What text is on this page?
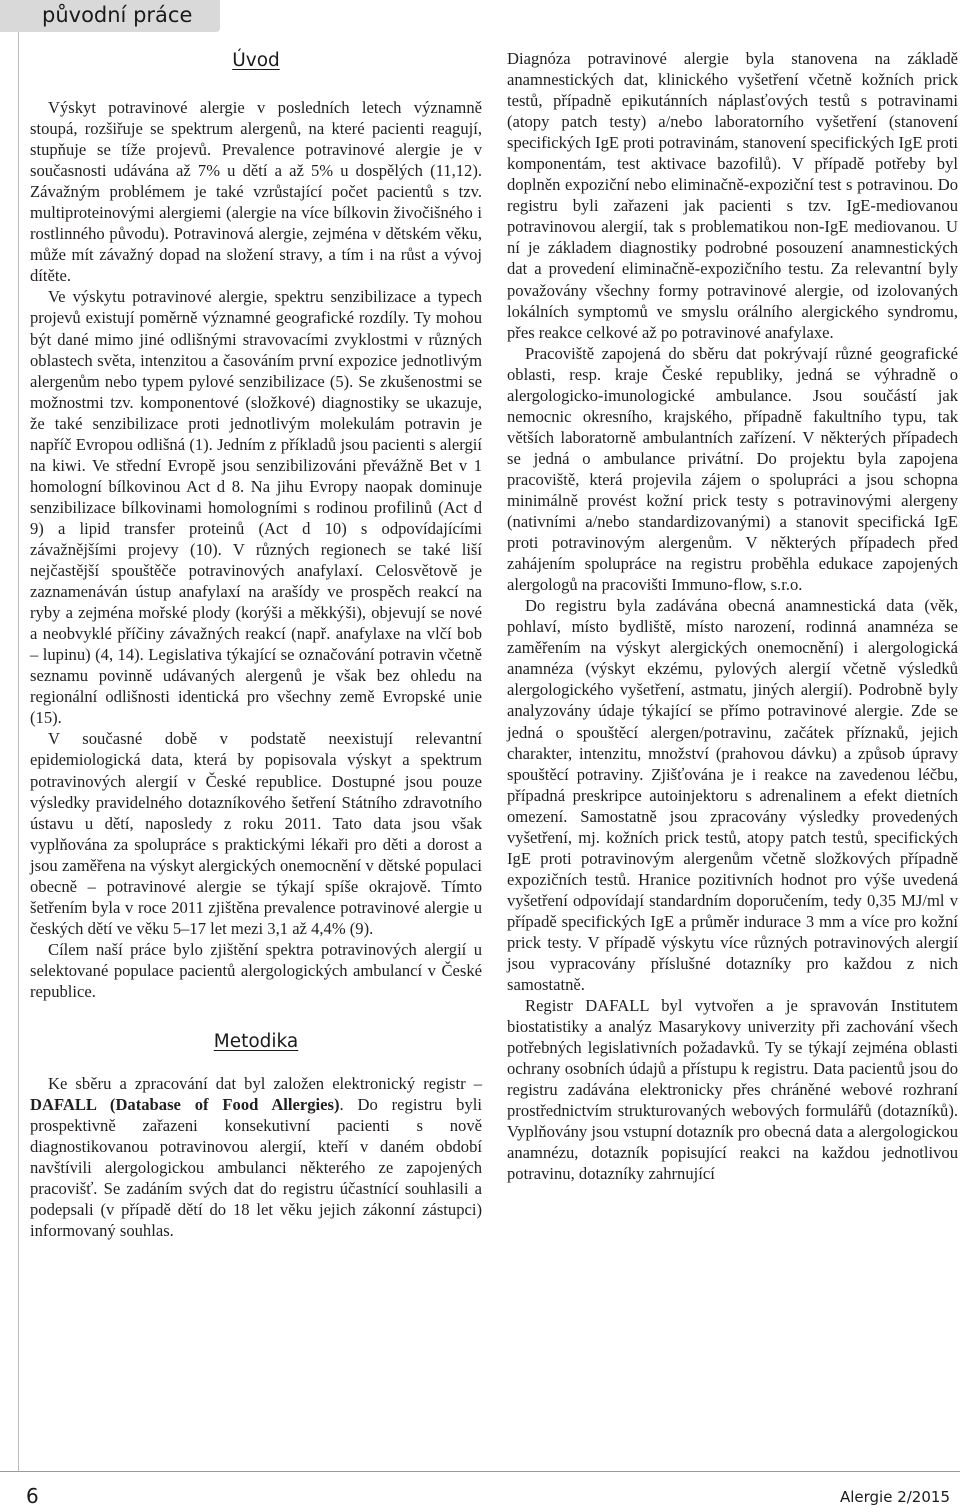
původní práce
Úvod

Výskyt potravinové alergie v posledních letech významně stoupá, rozšiřuje se spektrum alergenů, na které pacienti reagují, stupňuje se tíže projevů. Prevalence potravinové alergie je v současnosti udávána až 7% u dětí a až 5% u dospělých (11,12). Závažným problémem je také vzrůstající počet pacientů s tzv. multiproteinovými alergiemi (alergie na více bílkovin živočišného i rostlinného původu). Potravinová alergie, zejména v dětském věku, může mít závažný dopad na složení stravy, a tím i na růst a vývoj dítěte.

Ve výskytu potravinové alergie, spektru senzibilizace a typech projevů existují poměrně významné geografické rozdíly. Ty mohou být dané mimo jiné odlišnými stravovacími zvyklostmi v různých oblastech světa, intenzitou a časováním první expozice jednotlivým alergenům nebo typem pylové senzibilizace (5). Se zkušenostmi se možnostmi tzv. komponentové (složkové) diagnostiky se ukazuje, že také senzibilizace proti jednotlivým molekulám potravin je napříč Evropou odlišná (1). Jedním z příkladů jsou pacienti s alergií na kiwi. Ve střední Evropě jsou senzibilizováni převážně Bet v 1 homologní bílkovinou Act d 8. Na jihu Evropy naopak dominuje senzibilizace bílkovinami homologními s rodinou profilinů (Act d 9) a lipid transfer proteinů (Act d 10) s odpovídajícími závažnějšími projevy (10). V různých regionech se také liší nejčastější spouštěče potravinových anafylaxí. Celosvětově je zaznamenáván ústup anafylaxí na arašídy ve prospěch reakcí na ryby a zejména mořské plody (korýši a měkkýši), objevují se nové a neobvyklé příčiny závažných reakcí (např. anafylaxe na vlčí bob – lupinu) (4, 14). Legislativa týkající se označování potravin včetně seznamu povinně udávaných alergenů je však bez ohledu na regionální odlišnosti identická pro všechny země Evropské unie (15).

V současné době v podstatě neexistují relevantní epidemiologická data, která by popisovala výskyt a spektrum potravinových alergií v České republice. Dostupné jsou pouze výsledky pravidelného dotazníkového šetření Státního zdravotního ústavu u dětí, naposledy z roku 2011. Tato data jsou však vyplňována za spolupráce s praktickými lékaři pro děti a dorost a jsou zaměřena na výskyt alergických onemocnění v dětské populaci obecně – potravinové alergie se týkají spíše okrajově. Tímto šetřením byla v roce 2011 zjištěna prevalence potravinové alergie u českých dětí ve věku 5–17 let mezi 3,1 až 4,4% (9).

Cílem naší práce bylo zjištění spektra potravinových alergií u selektované populace pacientů alergologických ambulancí v České republice.

Metodika

Ke sběru a zpracování dat byl založen elektronický registr – DAFALL (Database of Food Allergies). Do registru byli prospektivně zařazeni konsekutivní pacienti s nově diagnostikovanou potravinovou alergií, kteří v daném období navštívili alergologickou ambulanci některého ze zapojených pracovišť. Se zadáním svých dat do registru účastnící souhlasili a podepsali (v případě dětí do 18 let věku jejich zákonní zástupci) informovaný souhlas.

Diagnóza potravinové alergie byla stanovena na základě anamnestických dat, klinického vyšetření včetně kožních prick testů, případně epikutánních náplasťových testů s potravinami (atopy patch testy) a/nebo laboratorního vyšetření (stanovení specifických IgE proti potravinám, stanovení specifických IgE proti komponentám, test aktivace bazofilů). V případě potřeby byl doplněn expoziční nebo eliminačně-expoziční test s potravinou. Do registru byli zařazeni jak pacienti s tzv. IgE-mediovanou potravinovou alergií, tak s problematikou non-IgE mediovanou. U ní je základem diagnostiky podrobné posouzení anamnestických dat a provedení eliminačně-expozičního testu. Za relevantní byly považovány všechny formy potravinové alergie, od izolovaných lokálních symptomů ve smyslu orálního alergického syndromu, přes reakce celkové až po potravinové anafylaxe.

Pracoviště zapojená do sběru dat pokrývají různé geografické oblasti, resp. kraje České republiky, jedná se výhradně o alergologicko-imunologické ambulance. Jsou součástí jak nemocnic okresního, krajského, případně fakultního typu, tak větších laboratorně ambulantních zařízení. V některých případech se jedná o ambulance privátní. Do projektu byla zapojena pracoviště, která projevila zájem o spolupráci a jsou schopna minimálně provést kožní prick testy s potravinovými alergeny (nativními a/nebo standardizovanými) a stanovit specifická IgE proti potravinovým alergenům. V některých případech před zahájením spolupráce na registru proběhla edukace zapojených alergologů na pracovišti Immuno-flow, s.r.o.

Do registru byla zadávána obecná anamnestická data (věk, pohlaví, místo bydliště, místo narození, rodinná anamnéza se zaměřením na výskyt alergických onemocnění) i alergologická anamnéza (výskyt ekzému, pylových alergií včetně výsledků alergologického vyšetření, astmatu, jiných alergií). Podrobně byly analyzovány údaje týkající se přímo potravinové alergie. Zde se jedná o spouštěcí alergen/potravinu, začátek příznaků, jejich charakter, intenzitu, množství (prahovou dávku) a způsob úpravy spouštěcí potraviny. Zjišťována je i reakce na zavedenou léčbu, případná preskripce autoinjektoru s adrenalinem a efekt dietních omezení. Samostatně jsou zpracovány výsledky provedených vyšetření, mj. kožních prick testů, atopy patch testů, specifických IgE proti potravinovým alergenům včetně složkových případně expozičních testů. Hranice pozitivních hodnot pro výše uvedená vyšetření odpovídají standardním doporučením, tedy 0,35 MJ/ml v případě specifických IgE a průměr indurace 3 mm a více pro kožní prick testy. V případě výskytu více různých potravinových alergií jsou vypracovány příslušné dotazníky pro každou z nich samostatně.

Registr DAFALL byl vytvořen a je spravován Institutem biostatistiky a analýz Masarykovy univerzity při zachování všech potřebných legislativních požadavků. Ty se týkají zejména oblasti ochrany osobních údajů a přístupu k registru. Data pacientů jsou do registru zadávána elektronicky přes chráněné webové rozhraní prostřednictvím strukturovaných webových formulářů (dotazníků). Vyplňovány jsou vstupní dotazník pro obecná data a alergologickou anamnézu, dotazník popisující reakci na každou jednotlivou potravinu, dotazníky zahrnující

6	Alergie 2/2015
